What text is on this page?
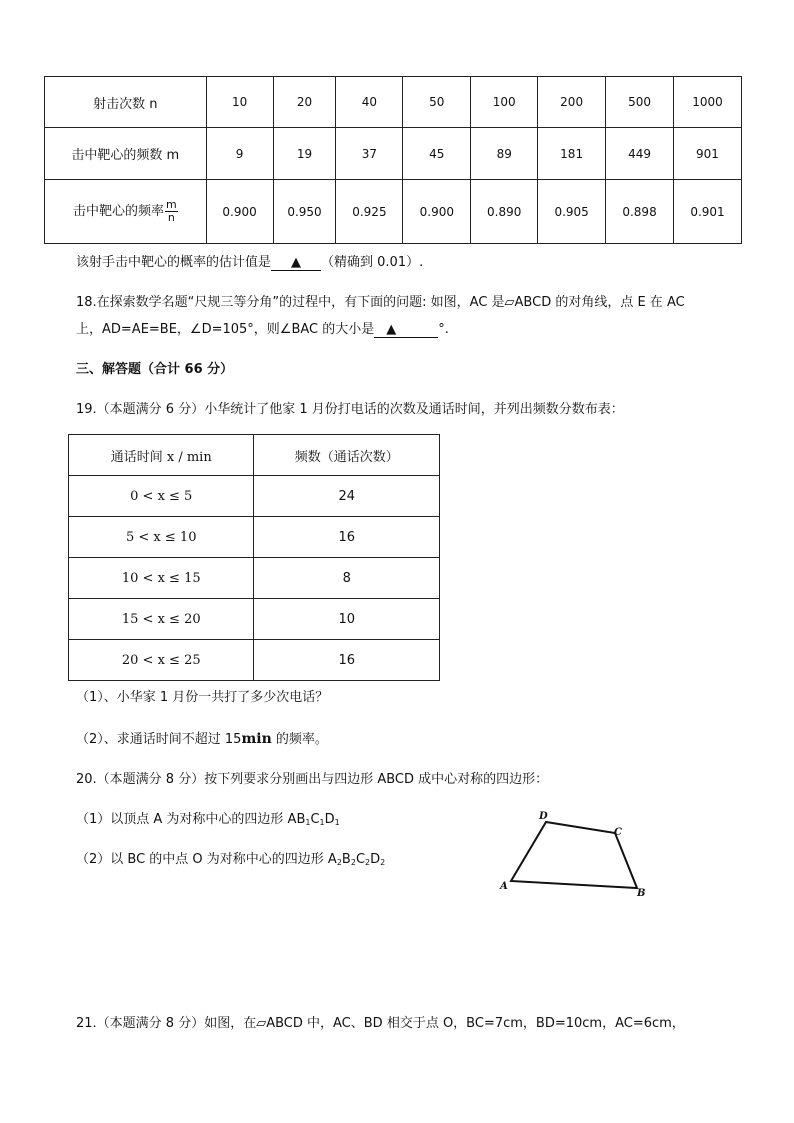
射击次数 n	10	20	40	50	100	200	500	1000
击中靶心的频数 m	9	19	37	45	89	181	449	901
击中靶心的频率 $\frac{m}{n}$	0.900	0.950	0.925	0.900	0.890	0.905	0.898	0.901
该射手击中靶心的概率的估计值是 ▲ （精确到 0.01）.
18.在探索数学名题“尺规三等分角”的过程中，有下面的问题: 如图，AC 是▱ABCD 的对角线，点 E 在 AC
上，AD=AE=BE，∠D=105°，则∠BAC 的大小是 ▲	°.
三、解答题（合计 66 分）
19.（本题满分 6 分）小华统计了他家 1 月份打电话的次数及通话时间，并列出频数分数布表：
通话时间 x / min	频数（通话次数）
0 < x ≤ 5	24
5 < x ≤ 10	16
10 < x ≤ 15	8
15 < x ≤ 20	10
20 < x ≤ 25	16
（1）、小华家 1 月份一共打了多少次电话？
（2）、求通话时间不超过 15min 的频率。
20.（本题满分 8 分）按下列要求分别画出与四边形 ABCD 成中心对称的四边形：
（1）以顶点 A 为对称中心的四边形 $AB_1C_1D_1$
（2）以 BC 的中点 O 为对称中心的四边形 $A_2B_2C_2D_2$
D
C
A
B
21.（本题满分 8 分）如图，在▱ABCD 中，AC、BD 相交于点 O，BC=7cm，BD=10cm，AC=6cm，
